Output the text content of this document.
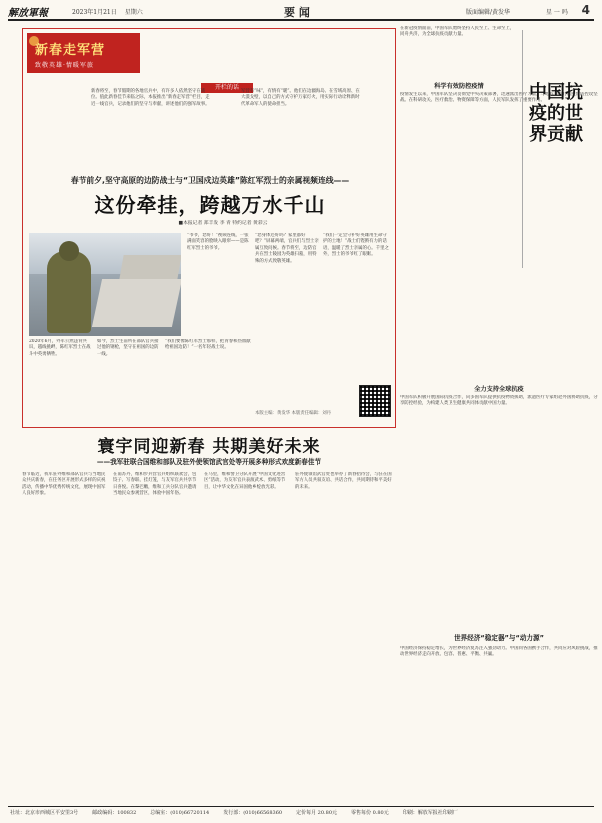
解放軍報	2023年1月21日 星期六	要 闻	版面编辑/黄发华	星 一 吗 4
新春走军营
致敬英雄·情暖军旅
开栏的话
新春将至，春节假期的各地官兵中，有许多人依然坚守在战位。值此新春佳节来临之际，本报推出“新春走军营”栏目，走近一线官兵，记录他们的坚守与奉献，讲述他们的强军故事。
军营有“味”，有情有“暖”。他们在边疆海岛、在雪域高原、在大漠戈壁，以自己的方式守护万家灯火，用实际行动诠释新时代革命军人的使命担当。
春节前夕,坚守高原的边防战士与“卫国戍边英雄”陈红军烈士的亲属视频连线——
这份牵挂，跨越万水千山
■本报记者 郑丰发 李 青 特约记者 黄彩云
“爷爷，您好！”视频连线，一张满面笑容的脸映入眼帘——是陈红军烈士的爷爷。
“您身体还好吗？家里都好吧？”屏幕两端，官兵们与烈士亲属互致问候。春节将至，边防官兵在烈士陵园为英雄扫墓，用特殊的方式致敬英雄。
“我们一定会守护好英雄用生命守护的土地！”战士们铿锵有力的话语，温暖了烈士亲属的心。千里之外，烈士的爷爷红了眼眶。
2020年6月，外军公然违背共识，越线挑衅，陈红军烈士在战斗中英勇牺牲。
如今，烈士生前所在部队官兵接过他的钢枪，坚守在祖国的边防一线。
“我们要像陈红军烈士那样，把青春和热血献给祖国边防！”一名年轻战士说。
本版主编：黄发华 本版责任编辑：刘丹
寰宇同迎新春 共期美好未来
——我军驻联合国维和部队及驻外使领馆武官处等开展多种形式欢度新春佳节
春节临近，我军驻外维和部队官兵与当地民众共庆新春，在任务区开展形式多样的庆祝活动，传播中华优秀传统文化，展现中国军人良好形象。
在南苏丹，维和步兵营官兵组织联欢会，包饺子、写春联、挂灯笼，与友军官兵共享节日喜悦。在黎巴嫩，维和工兵分队官兵邀请当地民众参观营区，体验中国年俗。
在马里，维和警卫分队开展“中国文化进营区”活动，为友军官兵表演武术、剪纸等节目，让中华文化在异国他乡绽放光彩。
驻外使领馆武官处也举办了新春招待会，与驻在国军方人员共叙友谊、共话合作，共同期待和平美好的未来。
在新冠疫情面前，中国军队始终坚持人民至上、生命至上，同舟共济，为全球抗疫贡献力量。
科学有效防控疫情	中国抗疫的世界贡献
疫情发生以来，中国军队坚决贯彻党中央决策部署，迅速派出医疗力量，与地方共同打赢疫情防控攻坚战。在科研攻关、医疗救治、物资保障等方面，人民军队发挥了重要作用。
全力支持全球抗疫
中国军队积极开展国际抗疫合作，向多国军队提供抗疫物资援助，派遣医疗专家组赴外国协助抗疫，分享防控经验，为构建人类卫生健康共同体贡献中国力量。
世界经济“稳定器”与“动力源”
中国经济保持稳定增长，为世界经济复苏注入强劲动力。中国同各国携手合作，共同应对风险挑战，推动世界经济走向开放、包容、普惠、平衡、共赢。
社址：北京市西城区平安里3号	邮政编码：100832	总编室：(010)66720114	发行部：(010)66568360	定价每月 20.80元	零售每份 0.80元	印刷：解放军报社印刷厂
